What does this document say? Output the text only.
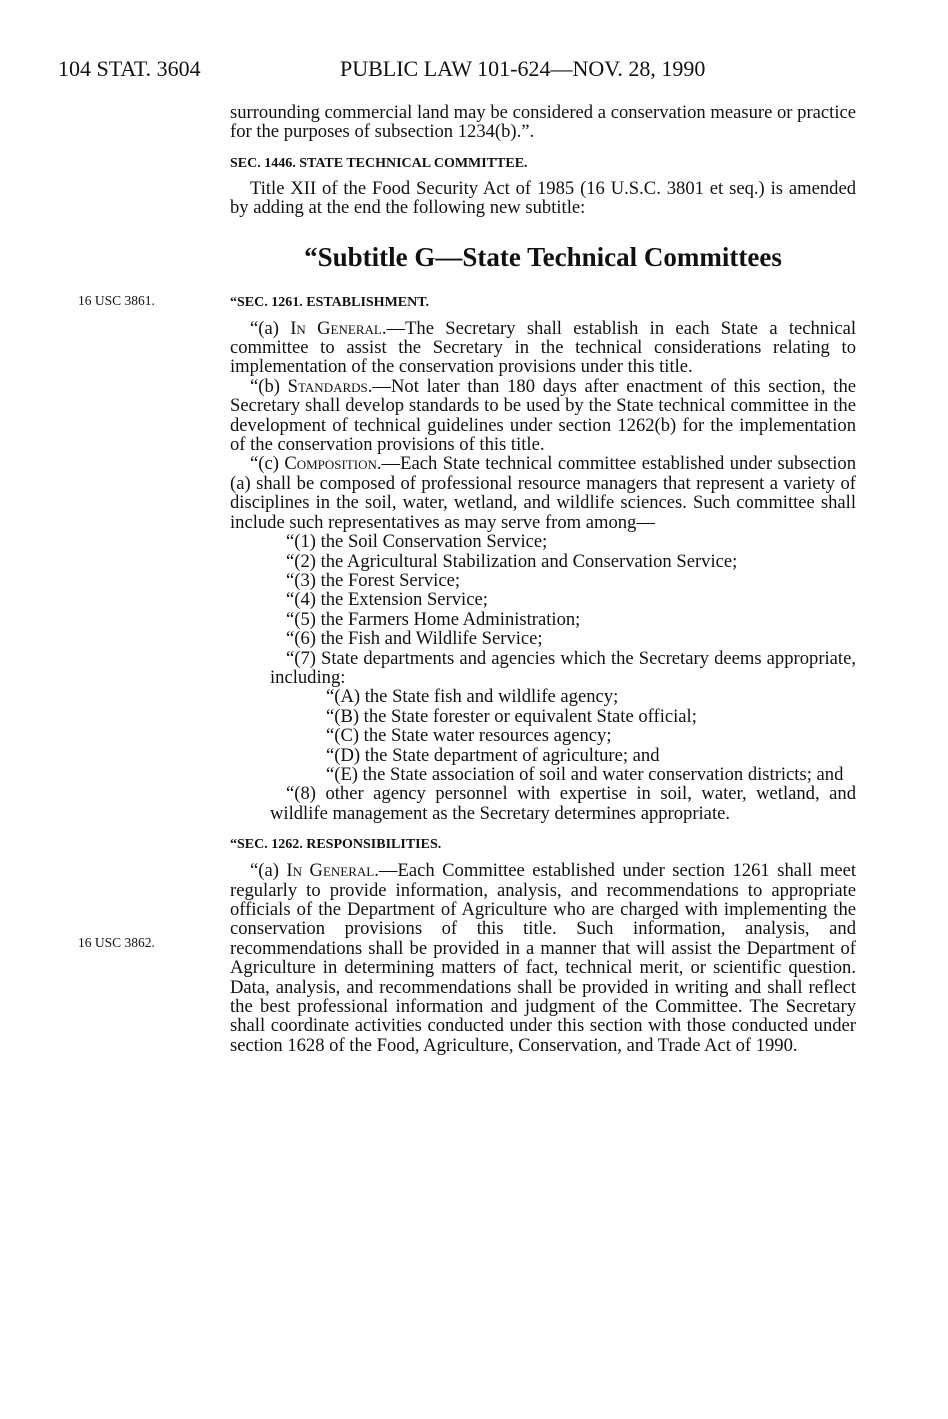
104 STAT. 3604	PUBLIC LAW 101-624—NOV. 28, 1990
16 USC 3861.
16 USC 3862.

surrounding commercial land may be considered a conservation measure or practice for the purposes of subsection 1234(b).”.

SEC. 1446. STATE TECHNICAL COMMITTEE.

Title XII of the Food Security Act of 1985 (16 U.S.C. 3801 et seq.) is amended by adding at the end the following new subtitle:

“Subtitle G—State Technical Committees

“SEC. 1261. ESTABLISHMENT.

“(a) In General.—The Secretary shall establish in each State a technical committee to assist the Secretary in the technical considerations relating to implementation of the conservation provisions under this title.

“(b) Standards.—Not later than 180 days after enactment of this section, the Secretary shall develop standards to be used by the State technical committee in the development of technical guidelines under section 1262(b) for the implementation of the conservation provisions of this title.

“(c) Composition.—Each State technical committee established under subsection (a) shall be composed of professional resource managers that represent a variety of disciplines in the soil, water, wetland, and wildlife sciences. Such committee shall include such representatives as may serve from among—

“(1) the Soil Conservation Service;

“(2) the Agricultural Stabilization and Conservation Service;

“(3) the Forest Service;

“(4) the Extension Service;

“(5) the Farmers Home Administration;

“(6) the Fish and Wildlife Service;

“(7) State departments and agencies which the Secretary deems appropriate, including:

“(A) the State fish and wildlife agency;

“(B) the State forester or equivalent State official;

“(C) the State water resources agency;

“(D) the State department of agriculture; and

“(E) the State association of soil and water conservation districts; and

“(8) other agency personnel with expertise in soil, water, wetland, and wildlife management as the Secretary determines appropriate.

“SEC. 1262. RESPONSIBILITIES.

“(a) In General.—Each Committee established under section 1261 shall meet regularly to provide information, analysis, and recommendations to appropriate officials of the Department of Agriculture who are charged with implementing the conservation provisions of this title. Such information, analysis, and recommendations shall be provided in a manner that will assist the Department of Agriculture in determining matters of fact, technical merit, or scientific question. Data, analysis, and recommendations shall be provided in writing and shall reflect the best professional information and judgment of the Committee. The Secretary shall coordinate activities conducted under this section with those conducted under section 1628 of the Food, Agriculture, Conservation, and Trade Act of 1990.
